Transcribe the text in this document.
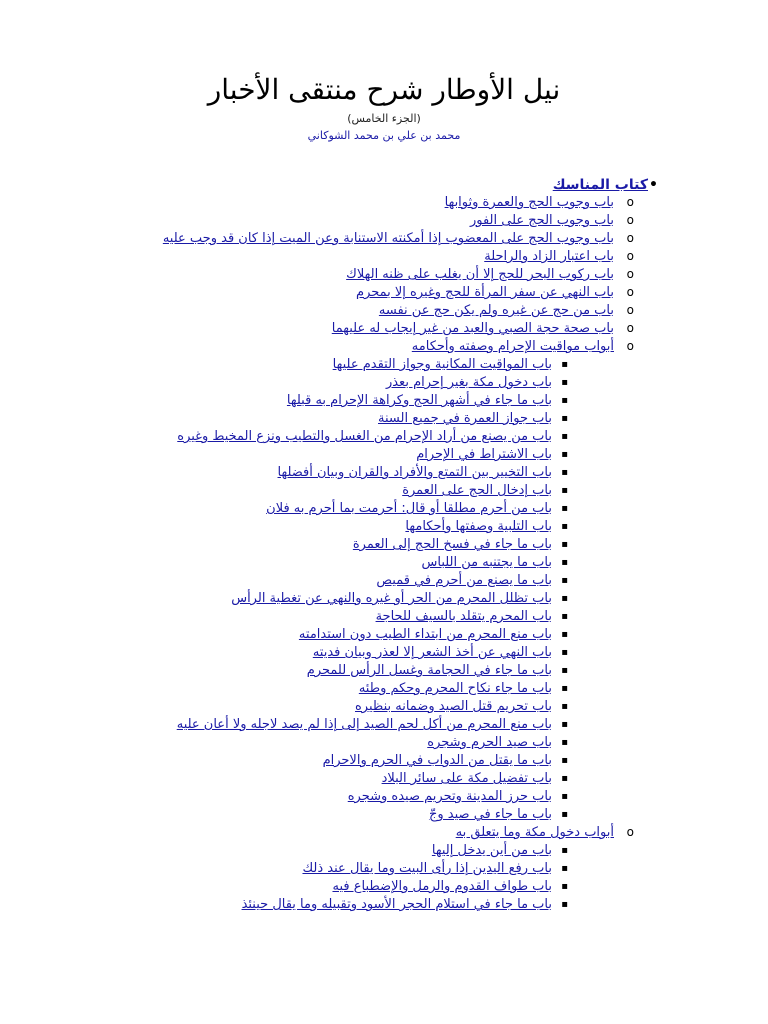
نيل الأوطار شرح منتقى الأخبار
(الجزء الخامس)
محمد بن علي بن محمد الشوكاني
• كتاب المناسك
o باب وجوب الحج والعمرة وثوابها
o باب وجوب الحج على الفور
o باب وجوب الحج على المعضوب إذا أمكنته الاستنابة وعن الميت إذا كان قد وجب عليه
o باب اعتبار الزاد والراحلة
o باب ركوب البحر للحج إلا أن يغلب على ظنه الهلاك
o باب النهي عن سفر المرأة للحج وغيره إلا بمحرم
o باب من حج عن غيره ولم يكن حج عن نفسه
o باب صحة حجة الصبي والعبد من غير إيجاب له عليهما
o أبواب مواقيت الإحرام وصفته وأحكامه
▪ باب المواقيت المكانية وجواز التقدم عليها
▪ باب دخول مكة بغير إحرام بعذر
▪ باب ما جاء في أشهر الحج وكراهة الإحرام به قبلها
▪ باب جواز العمرة في جميع السنة
▪ باب من يصنع من أراد الإحرام من الغسل والتطيب ونزع المخيط وغيره
▪ باب الاشتراط في الإحرام
▪ باب التخيير بين التمتع والأفراد والقران وبيان أفضلها
▪ باب إدخال الحج على العمرة
▪ باب من أحرم مطلقا أو قال: أحرمت بما أحرم به فلان
▪ باب التلبية وصفتها وأحكامها
▪ باب ما جاء في فسخ الحج إلى العمرة
▪ باب ما يجتنبه من اللباس
▪ باب ما يصنع من أحرم في قميص
▪ باب تظلل المحرم من الحر أو غيره والنهي عن تغطية الرأس
▪ باب المحرم يتقلد بالسيف للحاجة
▪ باب منع المحرم من ابتداء الطيب دون استدامته
▪ باب النهي عن أخذ الشعر إلا لعذر وبيان فديته
▪ باب ما جاء في الحجامة وغسل الرأس للمحرم
▪ باب ما جاء نكاح المحرم وحكم وطئه
▪ باب تحريم قتل الصيد وضمانه بنظيره
▪ باب منع المحرم من أكل لحم الصيد إلى إذا لم يصد لاجله ولا أعان عليه
▪ باب صيد الحرم وشجره
▪ باب ما يقتل من الدواب في الحرم والاحرام
▪ باب تفضيل مكة على سائر البلاد
▪ باب حرز المدينة وتحريم صيده وشجره
▪ باب ما جاء في صيد وجّ
o أبواب دخول مكة وما يتعلق به
▪ باب من أين يدخل إليها
▪ باب رفع اليدين إذا رأى البيت وما يقال عند ذلك
▪ باب طواف القدوم والرمل والإضطباع فيه
▪ باب ما جاء في استلام الحجر الأسود وتقبيله وما يقال حينئذ
